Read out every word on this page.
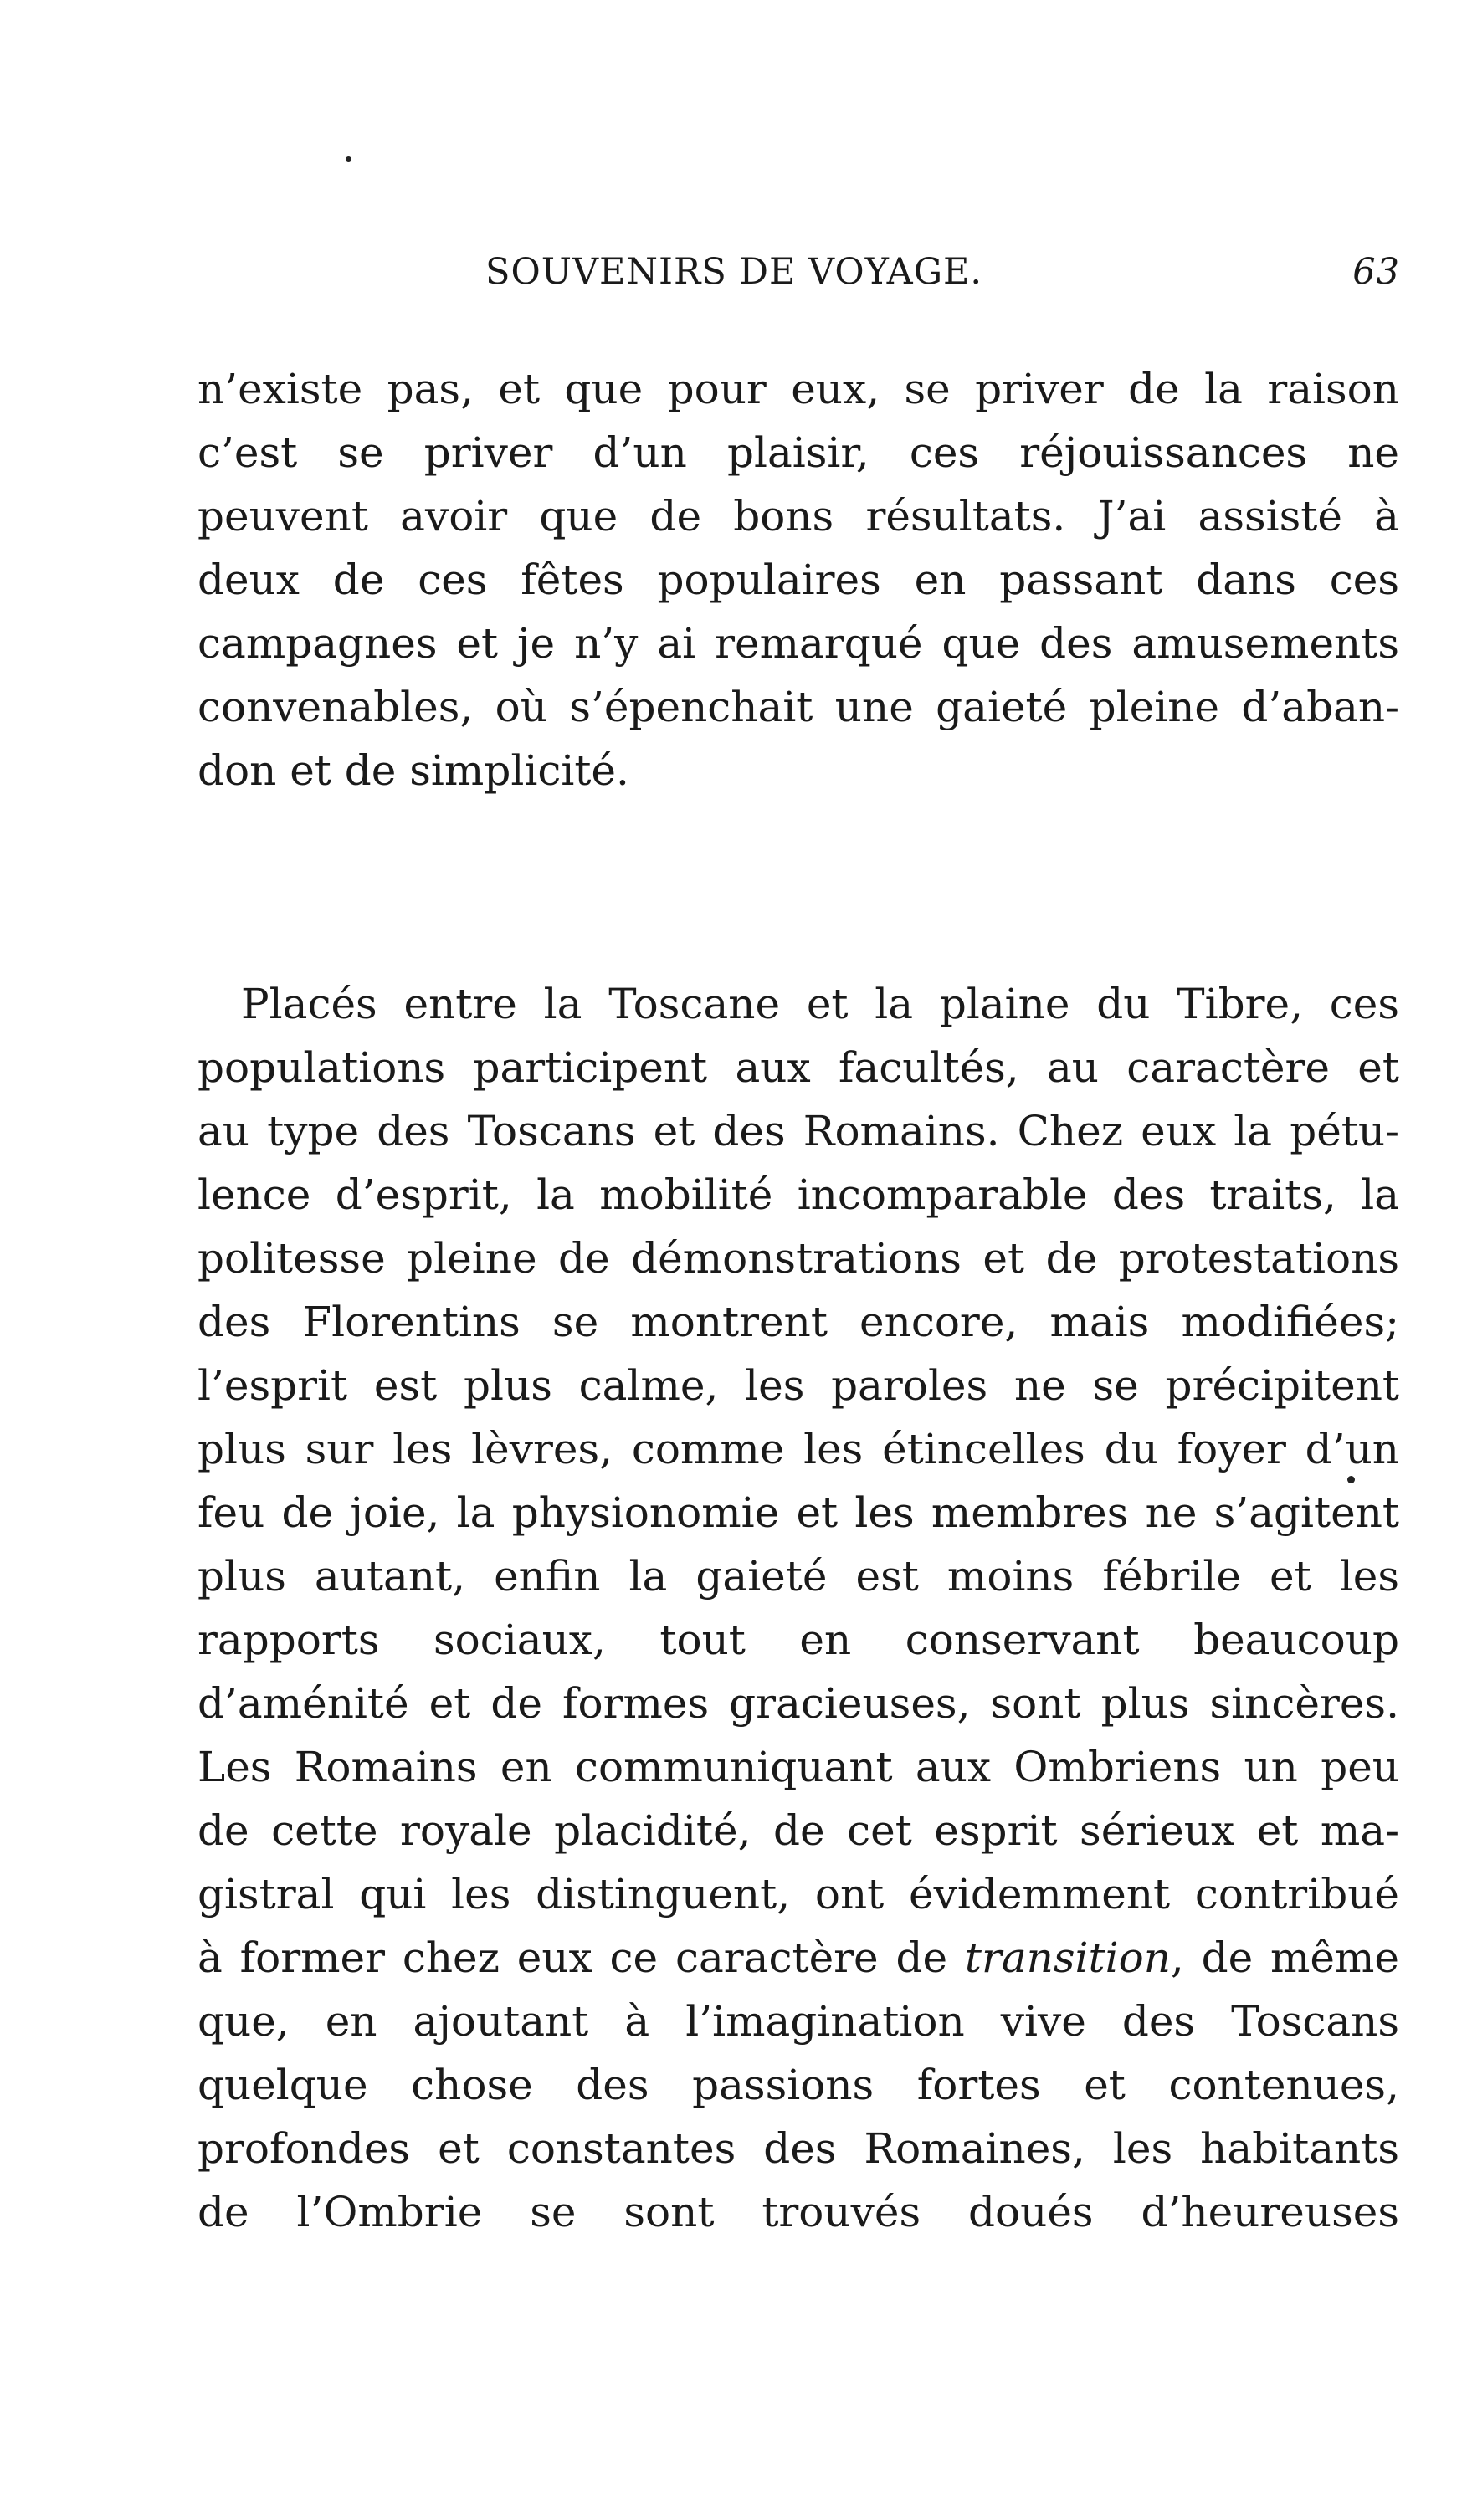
SOUVENIRS DE VOYAGE.	63
n’existe pas, et que pour eux, se priver de la raison
c’est se priver d’un plaisir, ces réjouissances ne
peuvent avoir que de bons résultats. J’ai assisté à
deux de ces fêtes populaires en passant dans ces
campagnes et je n’y ai remarqué que des amusements
convenables, où s’épenchait une gaieté pleine d’aban-
don et de simplicité.
Placés entre la Toscane et la plaine du Tibre, ces
populations participent aux facultés, au caractère et
au type des Toscans et des Romains. Chez eux la pétu-
lence d’esprit, la mobilité incomparable des traits, la
politesse pleine de démonstrations et de protestations
des Florentins se montrent encore, mais modifiées;
l’esprit est plus calme, les paroles ne se précipitent
plus sur les lèvres, comme les étincelles du foyer d’un
feu de joie, la physionomie et les membres ne s’agitent
plus autant, enfin la gaieté est moins fébrile et les
rapports sociaux, tout en conservant beaucoup
d’aménité et de formes gracieuses, sont plus sincères.
Les Romains en communiquant aux Ombriens un peu
de cette royale placidité, de cet esprit sérieux et ma-
gistral qui les distinguent, ont évidemment contribué
à former chez eux ce caractère de transition, de même
que, en ajoutant à l’imagination vive des Toscans
quelque chose des passions fortes et contenues,
profondes et constantes des Romaines, les habitants
de l’Ombrie se sont trouvés doués d’heureuses
